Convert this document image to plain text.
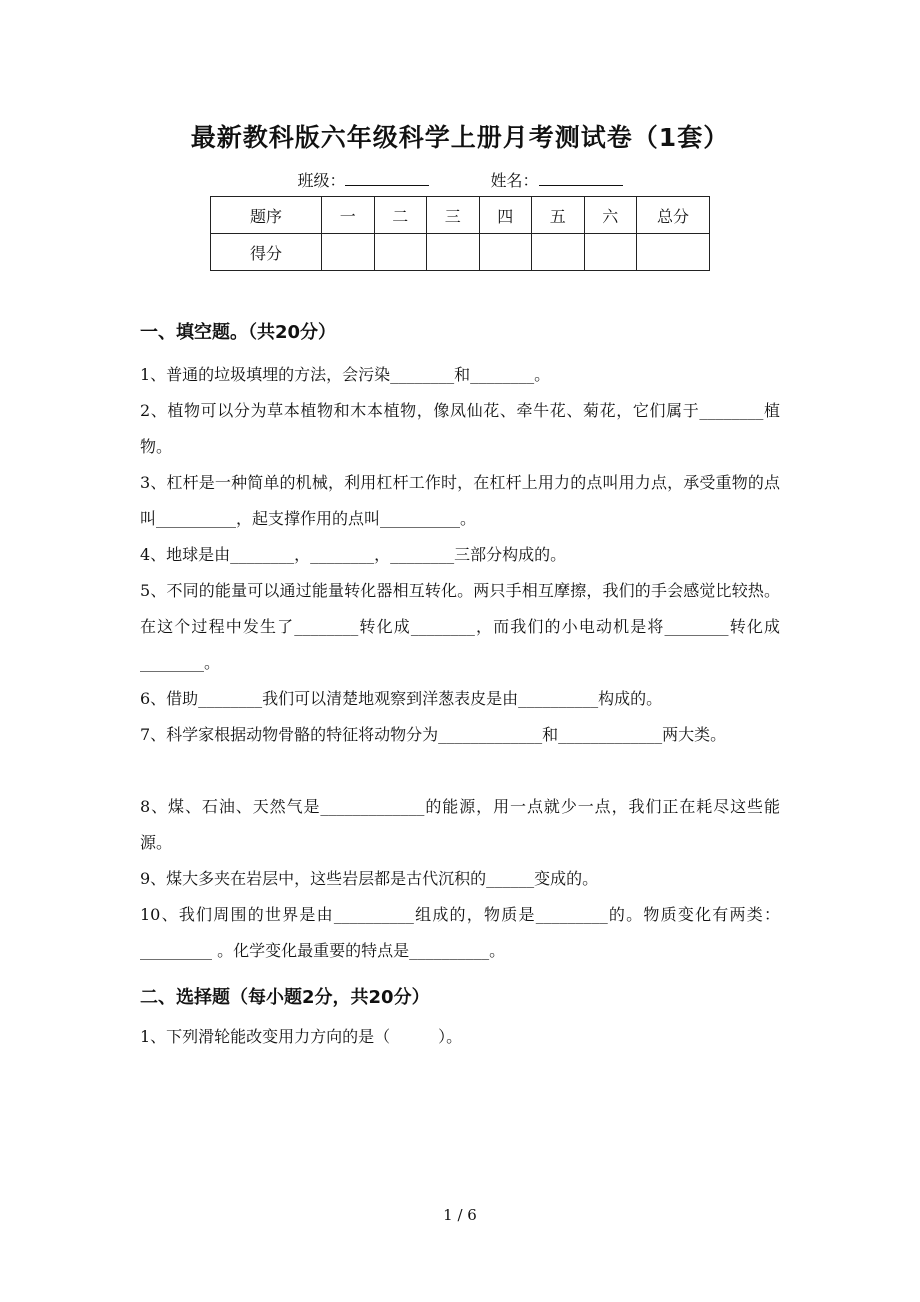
最新教科版六年级科学上册月考测试卷（1套）
班级：	姓名：
题序	一	二	三	四	五	六	总分
得分							
一、填空题。（共20分）
1、普通的垃圾填埋的方法，会污染________和________。
2、植物可以分为草本植物和木本植物，像凤仙花、牵牛花、菊花，它们属于________植物。
3、杠杆是一种简单的机械，利用杠杆工作时，在杠杆上用力的点叫用力点，承受重物的点叫__________，起支撑作用的点叫__________。
4、地球是由________，________，________三部分构成的。
5、不同的能量可以通过能量转化器相互转化。两只手相互摩擦，我们的手会感觉比较热。在这个过程中发生了________转化成________，而我们的小电动机是将________转化成________。
6、借助________我们可以清楚地观察到洋葱表皮是由__________构成的。
7、科学家根据动物骨骼的特征将动物分为_____________和_____________两大类。
8、煤、石油、天然气是_____________的能源，用一点就少一点，我们正在耗尽这些能源。
9、煤大多夹在岩层中，这些岩层都是古代沉积的______变成的。
10、我们周围的世界是由__________组成的，物质是_________的。物质变化有两类：_________ 。化学变化最重要的特点是__________。
二、选择题（每小题2分，共20分）
1、下列滑轮能改变用力方向的是（　　　）。
1 / 6
